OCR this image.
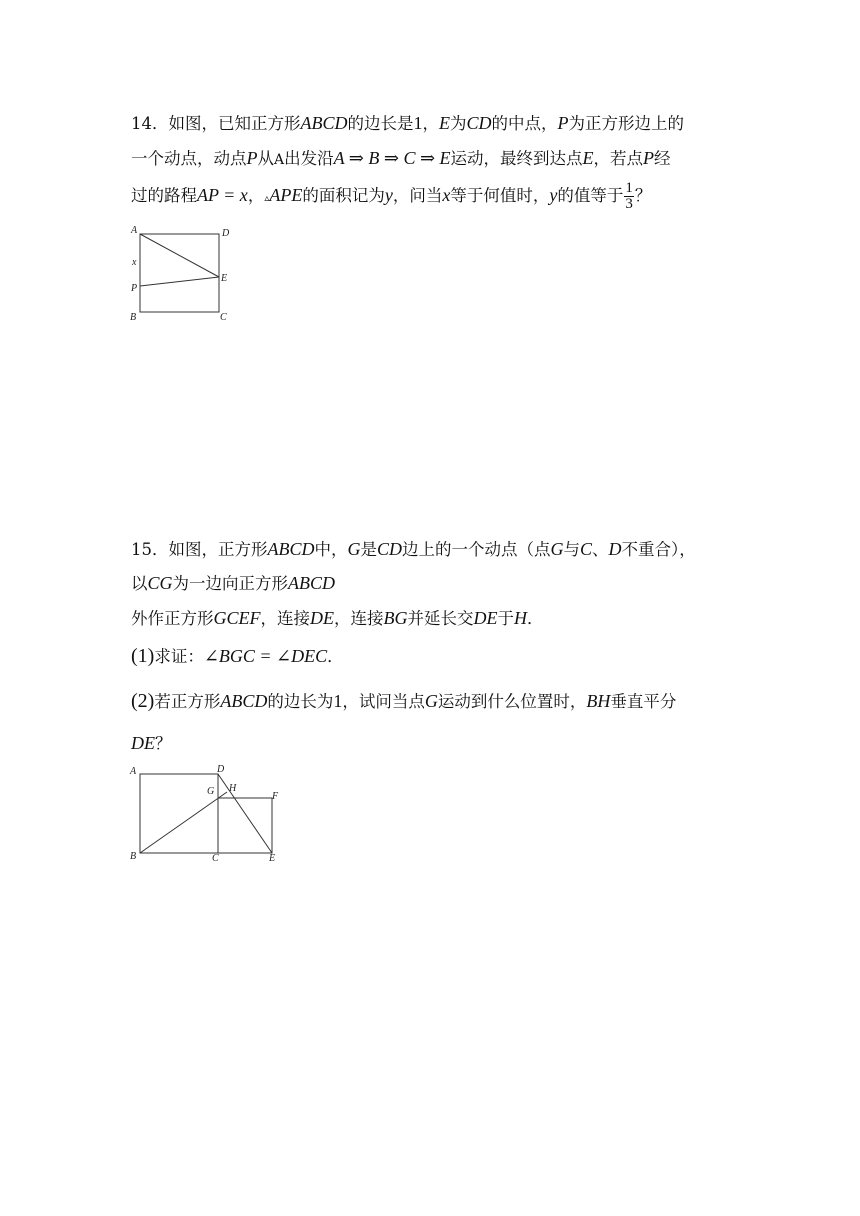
14．如图，已知正方形ABCD的边长是1，E为CD的中点，P为正方形边上的
一个动点，动点P从A出发沿A ⇒ B ⇒ C ⇒ E运动，最终到达点E，若点P经
过的路程AP = x，▵APE的面积记为y，问当x等于何值时，y的值等于 $\frac{1}{3}$ ？
A	D
x
E
P
B	C
15．如图，正方形ABCD中，G是CD边上的一个动点（点G与C、D不重合），
以CG为一边向正方形ABCD
外作正方形GCEF，连接DE，连接BG并延长交DE于H．
(1)求证：∠BGC = ∠DEC．
(2)若正方形ABCD的边长为1，试问当点G运动到什么位置时，BH垂直平分
DE？
A	D
G H
F
B	C	E
